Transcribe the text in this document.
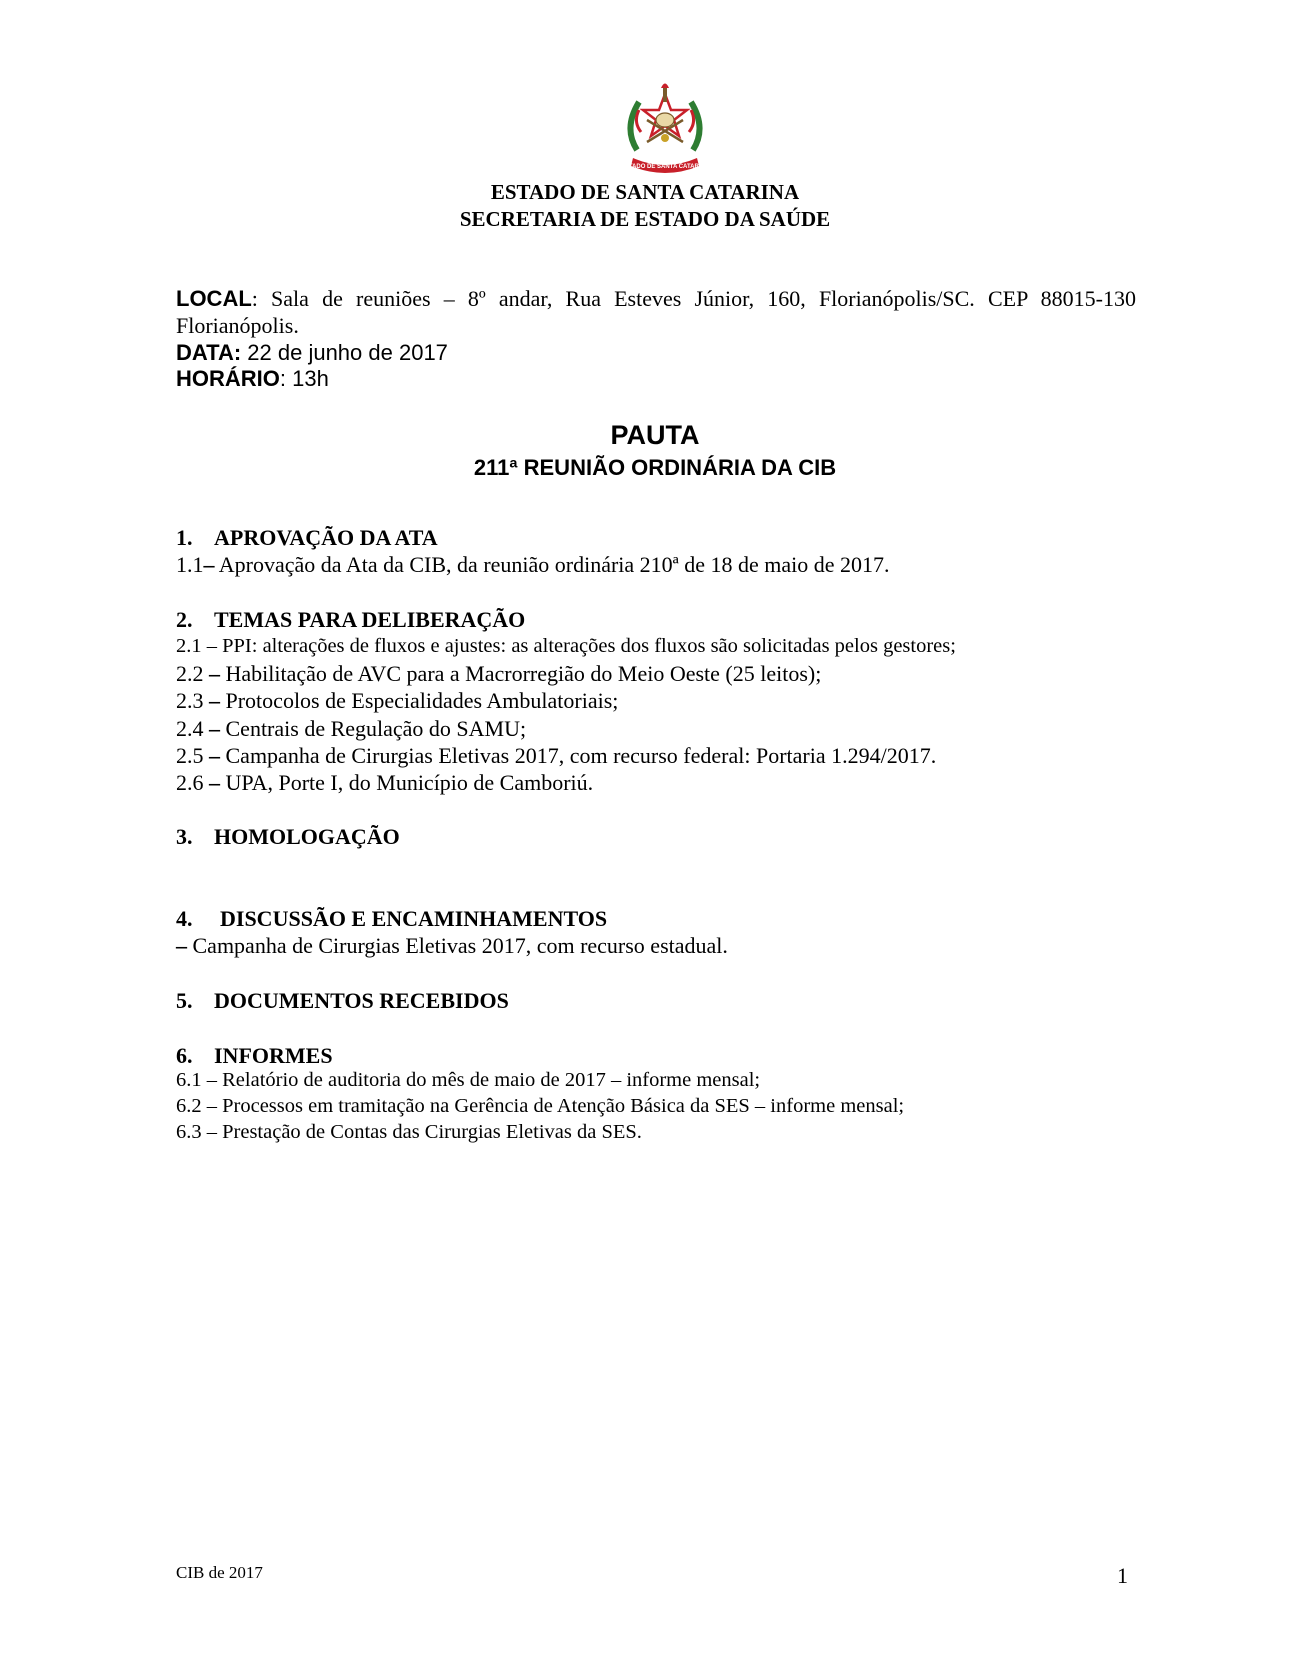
ESTADO DE SANTA CATARINA
ESTADO DE SANTA CATARINA
SECRETARIA DE ESTADO DA SAÚDE
LOCAL: Sala de reuniões – 8º andar, Rua Esteves Júnior, 160, Florianópolis/SC. CEP 88015-130
Florianópolis.
DATA: 22 de junho de 2017
HORÁRIO: 13h
PAUTA
211ª REUNIÃO ORDINÁRIA DA CIB
1. APROVAÇÃO DA ATA
1.1– Aprovação da Ata da CIB, da reunião ordinária 210ª de 18 de maio de 2017.
2. TEMAS PARA DELIBERAÇÃO
2.1 – PPI: alterações de fluxos e ajustes: as alterações dos fluxos são solicitadas pelos gestores;
2.2 – Habilitação de AVC para a Macrorregião do Meio Oeste (25 leitos);
2.3 – Protocolos de Especialidades Ambulatoriais;
2.4 – Centrais de Regulação do SAMU;
2.5 – Campanha de Cirurgias Eletivas 2017, com recurso federal: Portaria 1.294/2017.
2.6 – UPA, Porte I, do Município de Camboriú.
3. HOMOLOGAÇÃO
4. DISCUSSÃO E ENCAMINHAMENTOS
– Campanha de Cirurgias Eletivas 2017, com recurso estadual.
5. DOCUMENTOS RECEBIDOS
6. INFORMES
6.1 – Relatório de auditoria do mês de maio de 2017 – informe mensal;
6.2 – Processos em tramitação na Gerência de Atenção Básica da SES – informe mensal;
6.3 – Prestação de Contas das Cirurgias Eletivas da SES.
CIB de 2017	1
